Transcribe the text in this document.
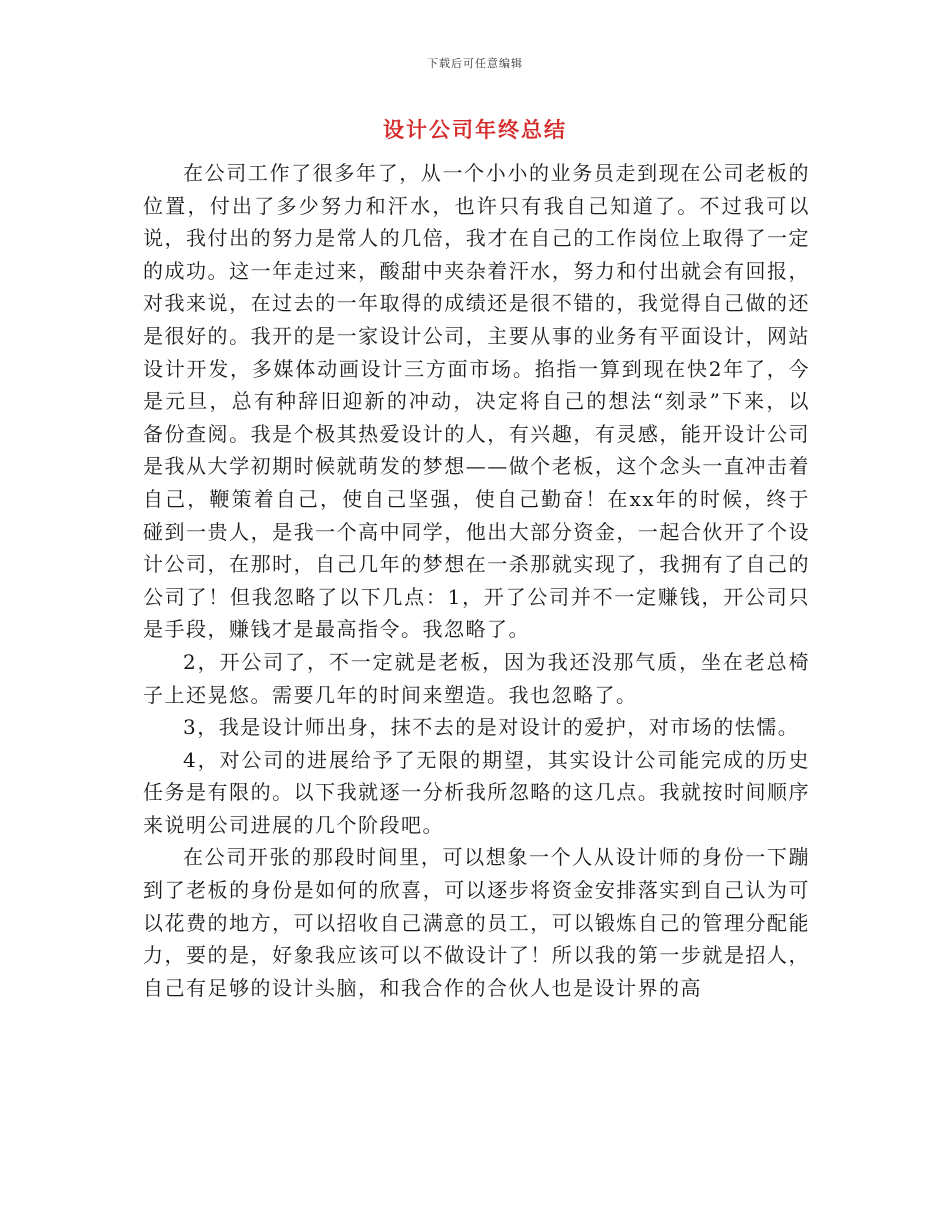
下载后可任意编辑
设计公司年终总结

在公司工作了很多年了，从一个小小的业务员走到现在公司老板的位置，付出了多少努力和汗水，也许只有我自己知道了。不过我可以说，我付出的努力是常人的几倍，我才在自己的工作岗位上取得了一定的成功。这一年走过来，酸甜中夹杂着汗水，努力和付出就会有回报，对我来说，在过去的一年取得的成绩还是很不错的，我觉得自己做的还是很好的。我开的是一家设计公司，主要从事的业务有平面设计，网站设计开发，多媒体动画设计三方面市场。掐指一算到现在快2年了，今是元旦，总有种辞旧迎新的冲动，决定将自己的想法“刻录”下来，以备份查阅。我是个极其热爱设计的人，有兴趣，有灵感，能开设计公司是我从大学初期时候就萌发的梦想——做个老板，这个念头一直冲击着自己，鞭策着自己，使自己坚强，使自己勤奋！在xx年的时候，终于碰到一贵人，是我一个高中同学，他出大部分资金，一起合伙开了个设计公司，在那时，自己几年的梦想在一杀那就实现了，我拥有了自己的公司了！但我忽略了以下几点：1，开了公司并不一定赚钱，开公司只是手段，赚钱才是最高指令。我忽略了。

2，开公司了，不一定就是老板，因为我还没那气质，坐在老总椅子上还晃悠。需要几年的时间来塑造。我也忽略了。

3，我是设计师出身，抹不去的是对设计的爱护，对市场的怯懦。

4，对公司的进展给予了无限的期望，其实设计公司能完成的历史任务是有限的。以下我就逐一分析我所忽略的这几点。我就按时间顺序来说明公司进展的几个阶段吧。

在公司开张的那段时间里，可以想象一个人从设计师的身份一下蹦到了老板的身份是如何的欣喜，可以逐步将资金安排落实到自己认为可以花费的地方，可以招收自己满意的员工，可以锻炼自己的管理分配能力，要的是，好象我应该可以不做设计了！所以我的第一步就是招人，自己有足够的设计头脑，和我合作的合伙人也是设计界的高
